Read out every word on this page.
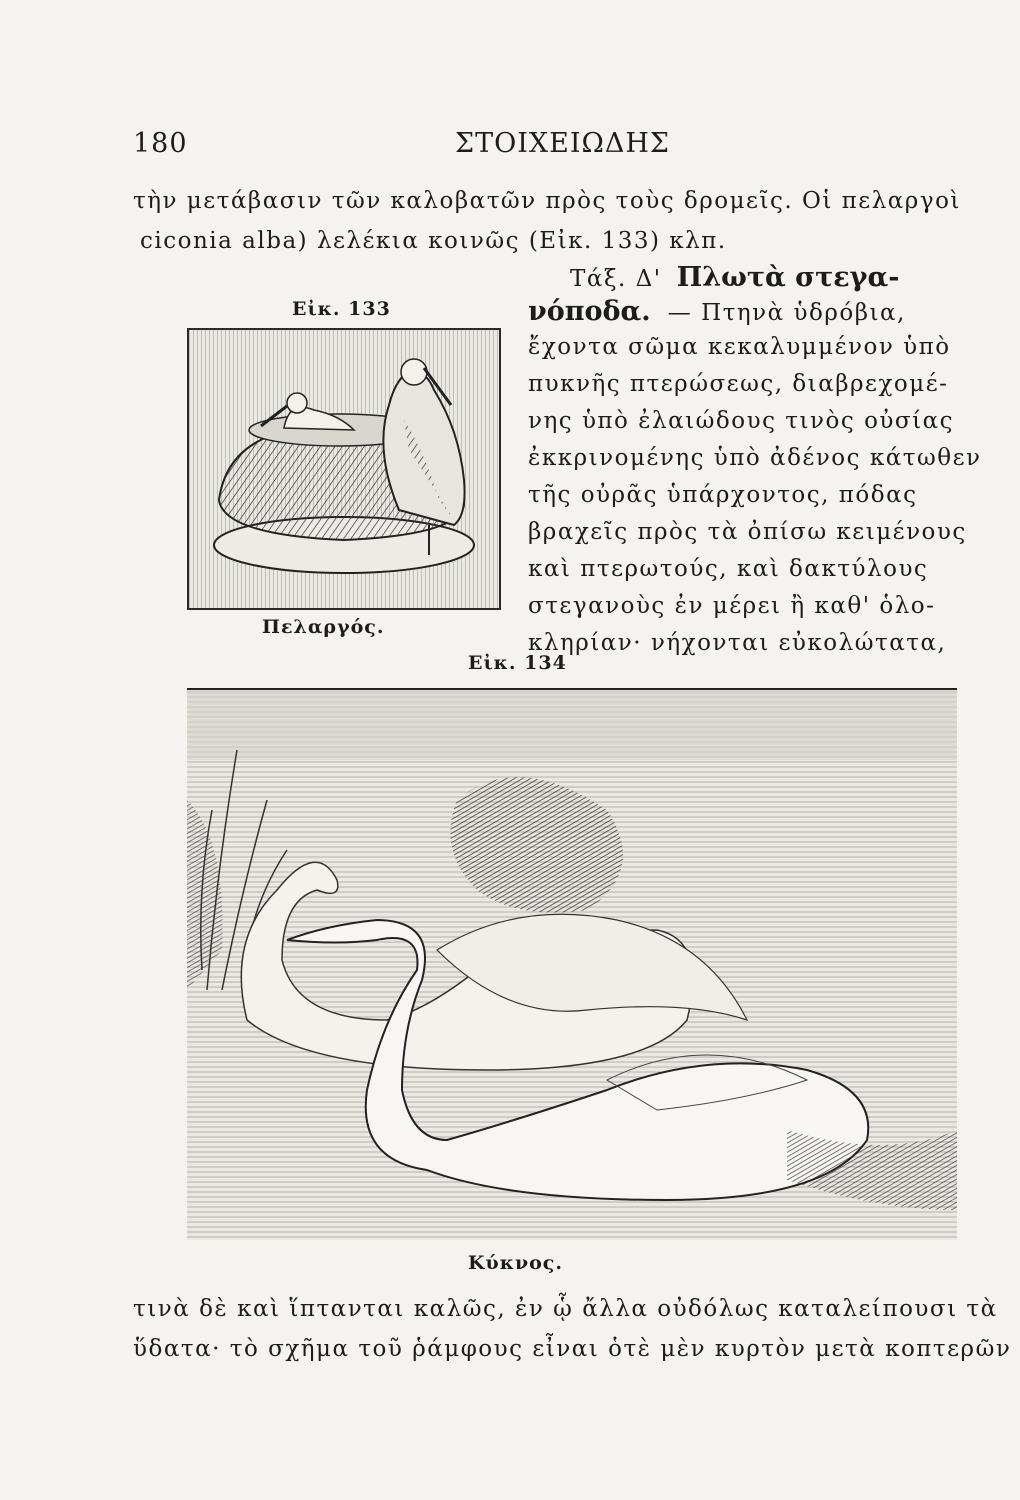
180	ΣΤΟΙΧΕΙΩΔΗΣ
τὴν μετάβασιν τῶν καλοβατῶν πρὸς τοὺς δρομεῖς. Οἱ πελαργοὶ
ciconia alba) λελέκια κοινῶς (Εἰκ. 133) κλπ.
Τάξ. Δ' Πλωτὰ στεγα-
νόποδα. — Πτηνὰ ὑδρόβια,
ἔχοντα σῶμα κεκαλυμμένον ὑπὸ
πυκνῆς πτερώσεως, διαβρεχομέ-
νης ὑπὸ ἐλαιώδους τινὸς οὐσίας
ἐκκρινομένης ὑπὸ ἀδένος κάτωθεν
τῆς οὐρᾶς ὑπάρχοντος, πόδας
βραχεῖς πρὸς τὰ ὀπίσω κειμένους
καὶ πτερωτούς, καὶ δακτύλους
στεγανοὺς ἐν μέρει ἢ καθ' ὁλο-
κληρίαν· νήχονται εὐκολώτατα,
Εἰκ. 133
Πελαργός.
Εἰκ. 134
Κύκνος.
τινὰ δὲ καὶ ἵπτανται καλῶς, ἐν ᾧ ἄλλα οὐδόλως καταλείπουσι τὰ
ὕδατα· τὸ σχῆμα τοῦ ῥάμφους εἶναι ὁτὲ μὲν κυρτὸν μετὰ κοπτερῶν
